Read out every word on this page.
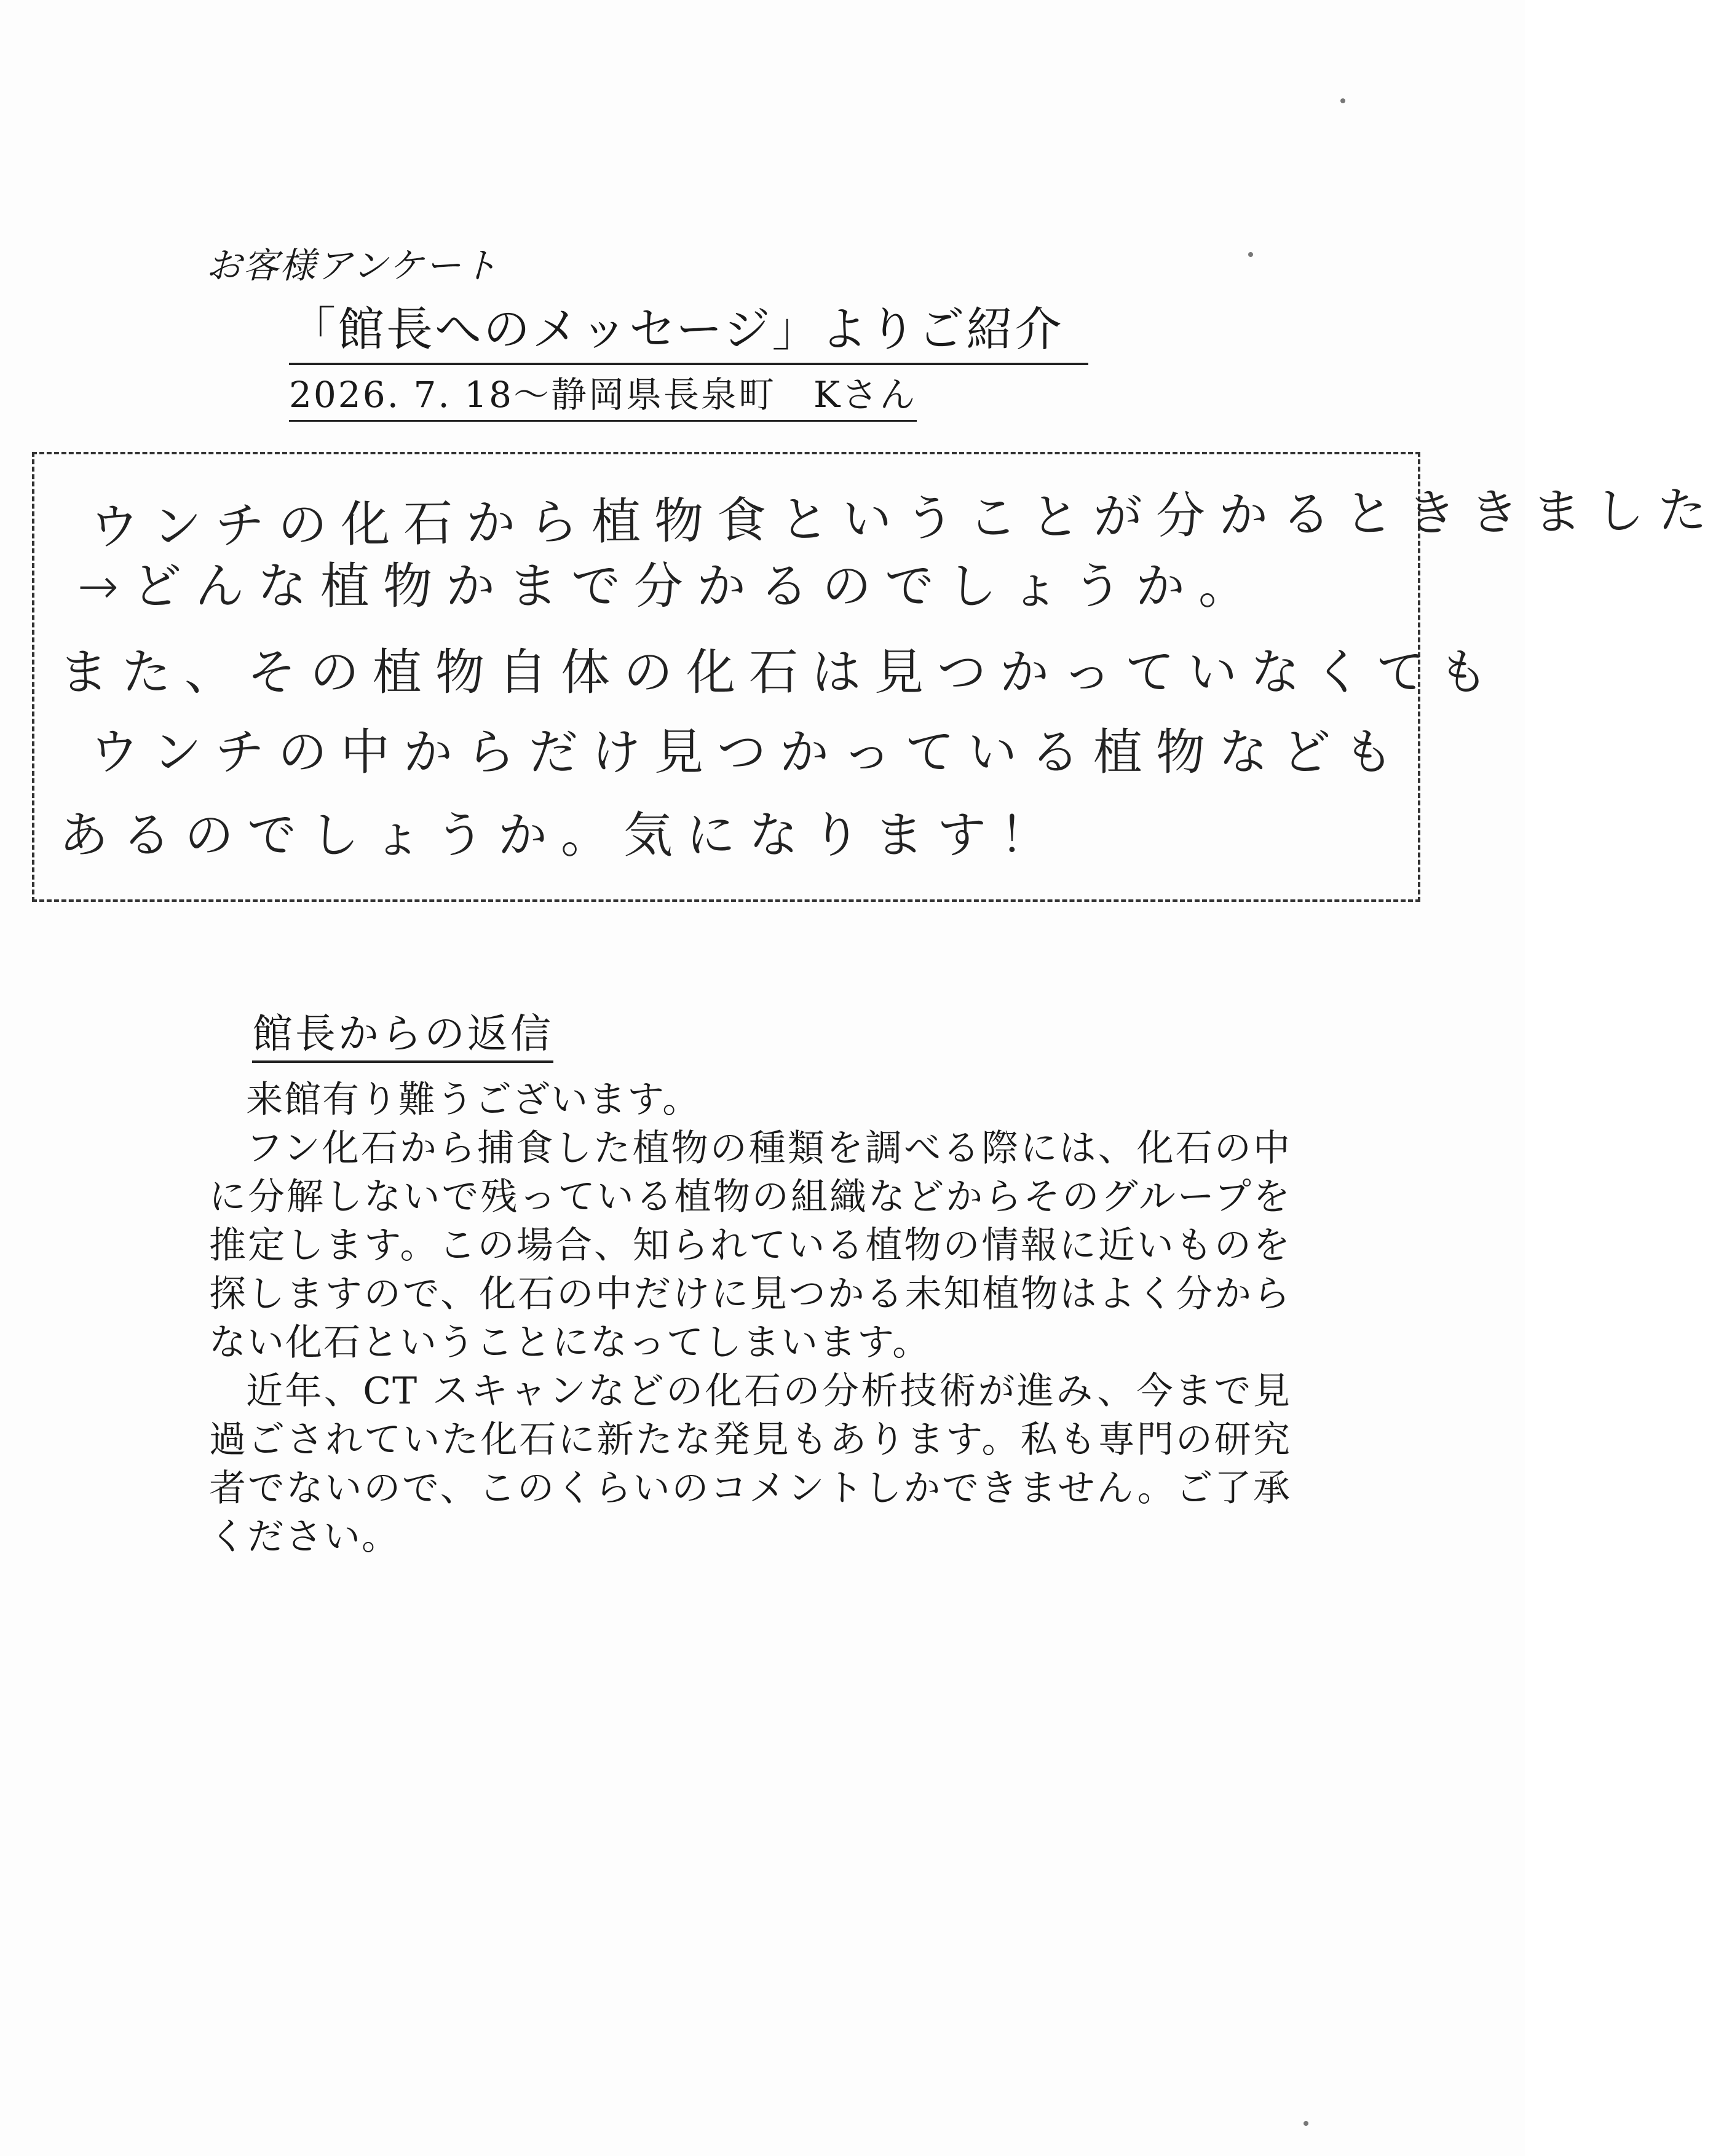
お客様アンケート
「館長へのメッセージ」よりご紹介
2026. 7. 18～静岡県長泉町　Kさん
ウンチの化石から植物食ということが分かるとききました
→どんな植物かまで分かるのでしょうか。
また、その植物自体の化石は見つかっていなくても
ウンチの中からだけ見つかっている植物なども
あるのでしょうか。気になります！
館長からの返信

来館有り難うございます。

フン化石から捕食した植物の種類を調べる際には、化石の中に分解しないで残っている植物の組織などからそのグループを推定します。この場合、知られている植物の情報に近いものを探しますので、化石の中だけに見つかる未知植物はよく分からない化石ということになってしまいます。

近年、CT スキャンなどの化石の分析技術が進み、今まで見過ごされていた化石に新たな発見もあります。私も専門の研究者でないので、このくらいのコメントしかできません。ご了承ください。
